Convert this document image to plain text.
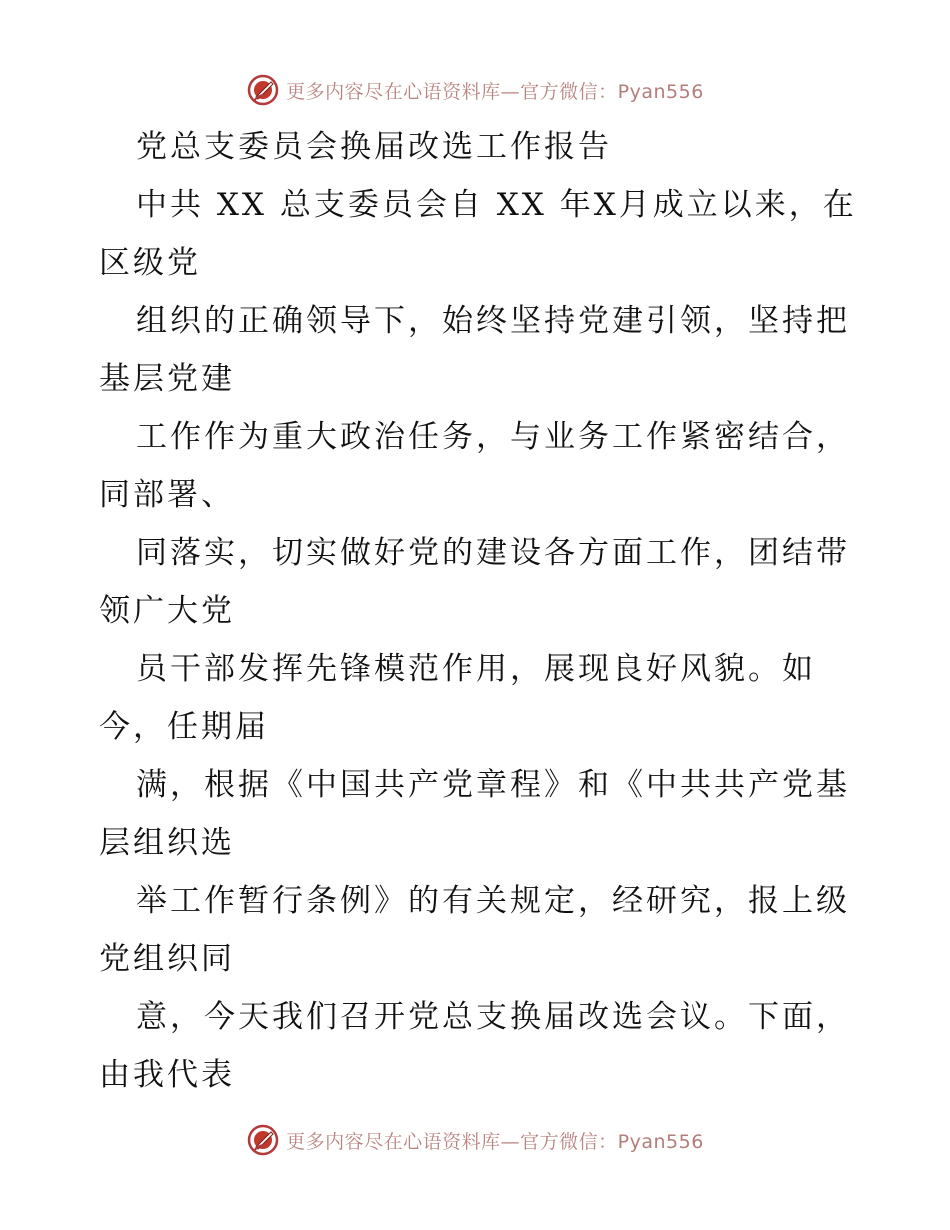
更多内容尽在心语资料库—官方微信：Pyan556
党总支委员会换届改选工作报告
中共 XX 总支委员会自 XX 年X月成立以来，在
区级党
组织的正确领导下，始终坚持党建引领，坚持把
基层党建
工作作为重大政治任务，与业务工作紧密结合，
同部署、
同落实，切实做好党的建设各方面工作，团结带
领广大党
员干部发挥先锋模范作用，展现良好风貌。如
今，任期届
满，根据《中国共产党章程》和《中共共产党基
层组织选
举工作暂行条例》的有关规定，经研究，报上级
党组织同
意，今天我们召开党总支换届改选会议。下面，
由我代表
更多内容尽在心语资料库—官方微信：Pyan556
